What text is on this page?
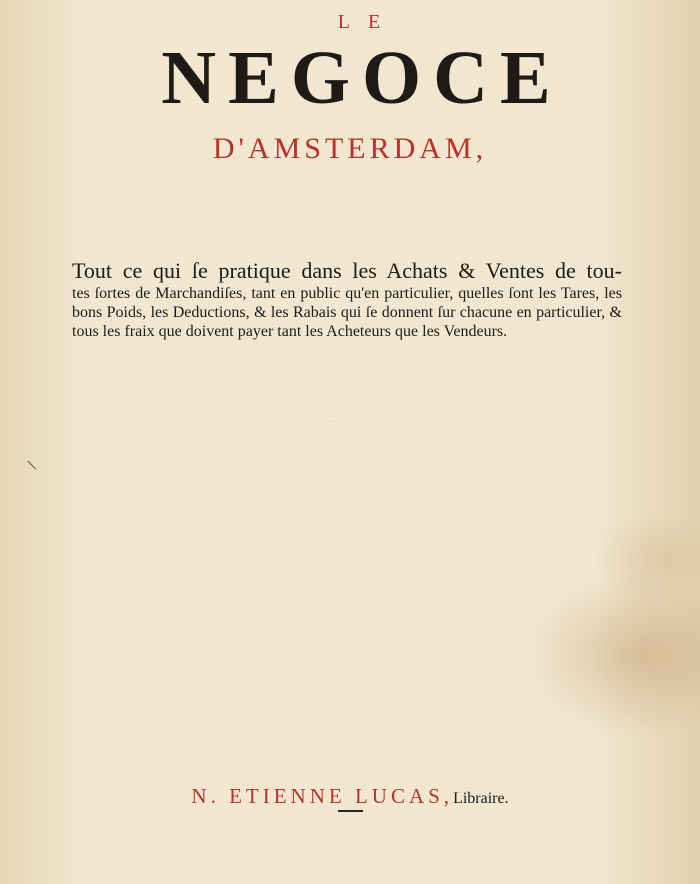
LE
NEGOCE
D'AMSTERDAM,
Tout ce qui ſe pratique dans les Achats & Ventes de tou-
tes ſortes de Marchandiſes, tant en public qu'en particulier, quelles ſont les Tares, les bons Poids, les Deductions, & les Rabais qui ſe donnent ſur chacune en particulier, & tous les fraix que doivent payer tant les Acheteurs que les Vendeurs.
DIVERSES ORDONNANCES
LES TARIFS
N. ETIENNE LUCAS, Libraire.
\
